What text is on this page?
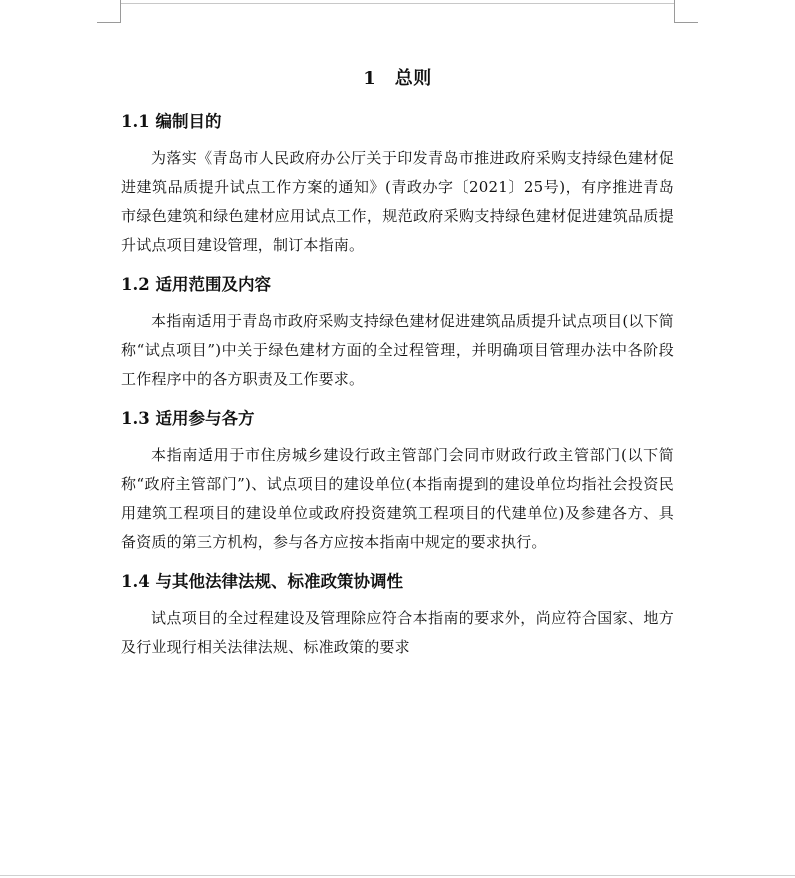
1 总则
1.1 编制目的

为落实《青岛市人民政府办公厅关于印发青岛市推进政府采购支持绿色建材促进建筑品质提升试点工作方案的通知》(青政办字〔2021〕25号)，有序推进青岛市绿色建筑和绿色建材应用试点工作，规范政府采购支持绿色建材促进建筑品质提升试点项目建设管理，制订本指南。

1.2 适用范围及内容

本指南适用于青岛市政府采购支持绿色建材促进建筑品质提升试点项目(以下简称“试点项目”)中关于绿色建材方面的全过程管理，并明确项目管理办法中各阶段工作程序中的各方职责及工作要求。

1.3 适用参与各方

本指南适用于市住房城乡建设行政主管部门会同市财政行政主管部门(以下简称“政府主管部门”)、试点项目的建设单位(本指南提到的建设单位均指社会投资民用建筑工程项目的建设单位或政府投资建筑工程项目的代建单位)及参建各方、具备资质的第三方机构，参与各方应按本指南中规定的要求执行。

1.4 与其他法律法规、标准政策协调性

试点项目的全过程建设及管理除应符合本指南的要求外，尚应符合国家、地方及行业现行相关法律法规、标准政策的要求
